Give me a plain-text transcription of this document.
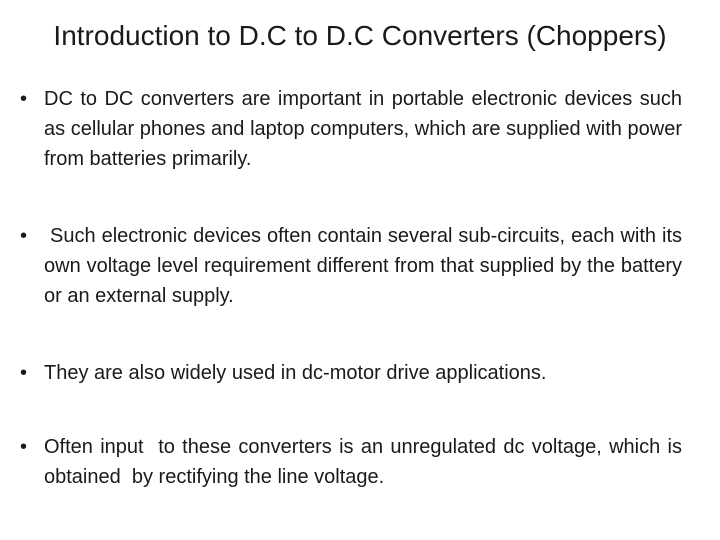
Introduction to D.C to D.C Converters (Choppers)
• DC to DC converters are important in portable electronic devices such as cellular phones and laptop computers, which are supplied with power from batteries primarily.
• Such electronic devices often contain several sub-circuits, each with its own voltage level requirement different from that supplied by the battery or an external supply.
• They are also widely used in dc-motor drive applications.
• Often input  to these converters is an unregulated dc voltage, which is obtained  by rectifying the line voltage.
